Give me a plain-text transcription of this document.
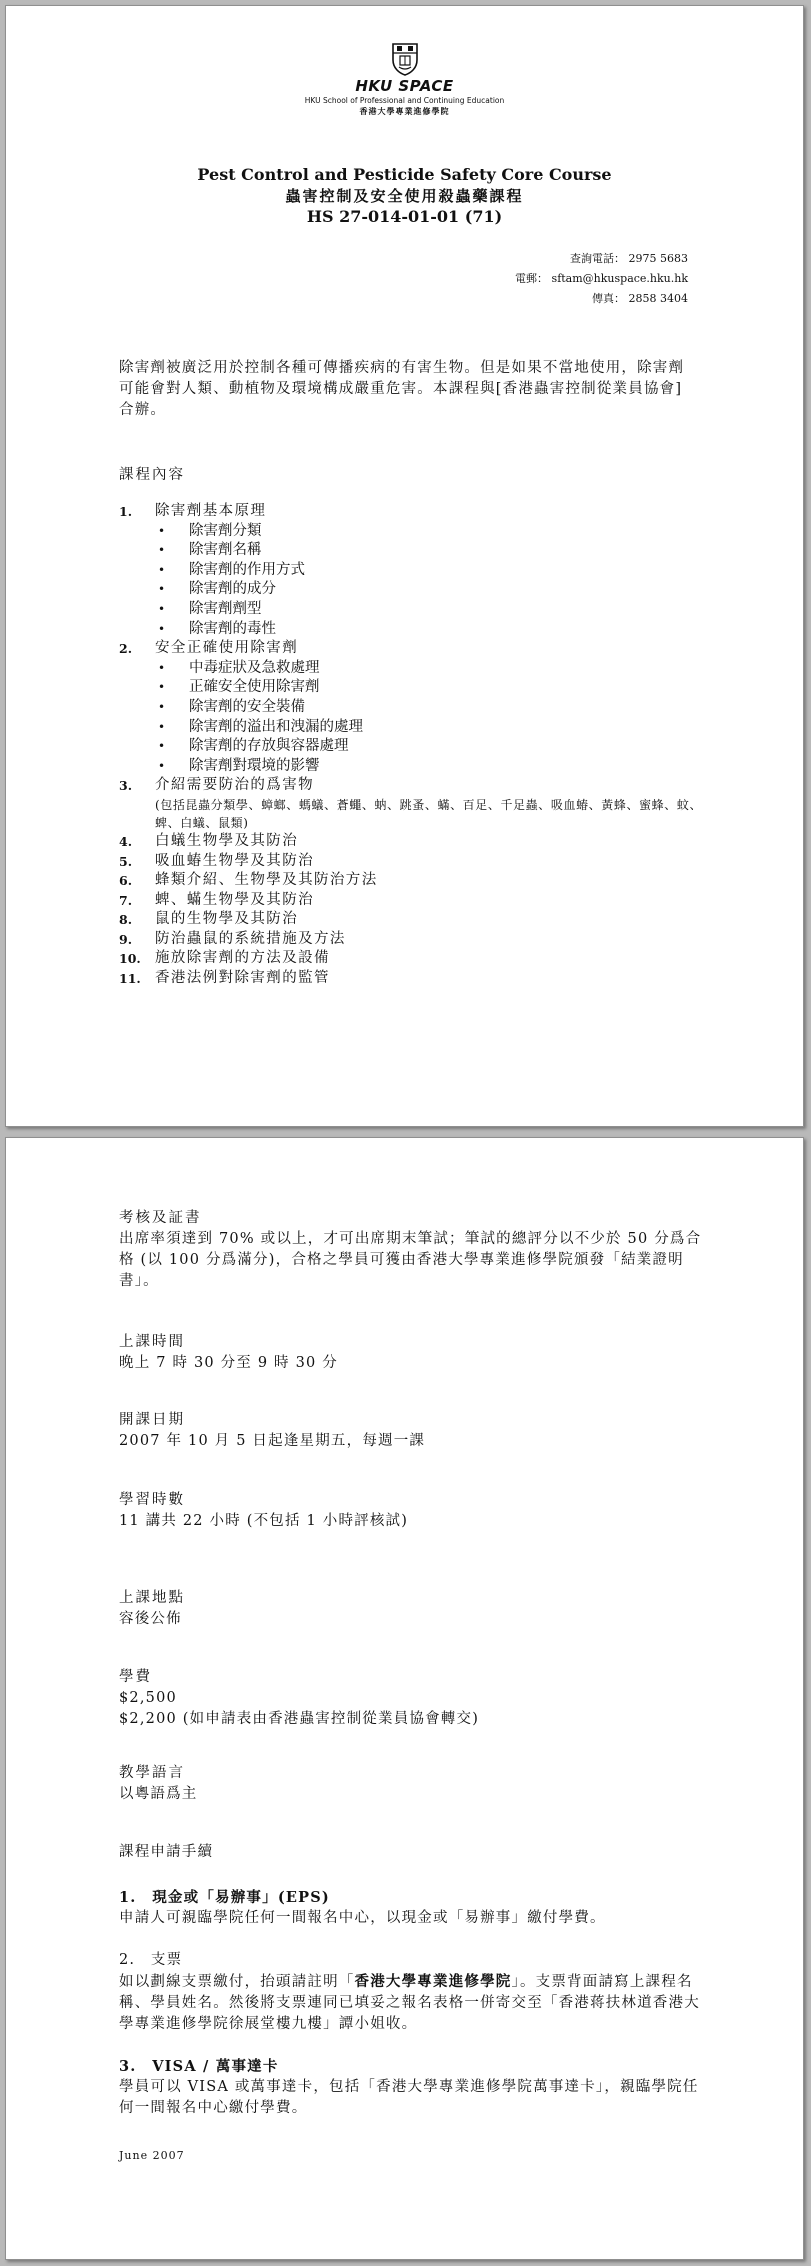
HKU SPACE
HKU School of Professional and Continuing Education
香港大學專業進修學院
Pest Control and Pesticide Safety Core Course
蟲害控制及安全使用殺蟲藥課程
HS 27-014-01-01 (71)
查詢電話： 2975 5683
電郵： sftam@hkuspace.hku.hk
傳真： 2858 3404
除害劑被廣泛用於控制各種可傳播疾病的有害生物。但是如果不當地使用，除害劑可能會對人類、動植物及環境構成嚴重危害。本課程與[香港蟲害控制從業員協會]合辦。
課程內容
1.	除害劑基本原理
•	除害劑分類
•	除害劑名稱
•	除害劑的作用方式
•	除害劑的成分
•	除害劑劑型
•	除害劑的毒性
2.	安全正確使用除害劑
•	中毒症狀及急救處理
•	正確安全使用除害劑
•	除害劑的安全裝備
•	除害劑的溢出和洩漏的處理
•	除害劑的存放與容器處理
•	除害劑對環境的影響
3.	介紹需要防治的爲害物
(包括昆蟲分類學、蟑螂、螞蟻、蒼蠅、蚋、跳蚤、蟎、百足、千足蟲、吸血蝽、黃蜂、蜜蜂、蚊、蜱、白蟻、鼠類)
4.	白蟻生物學及其防治
5.	吸血蝽生物學及其防治
6.	蜂類介紹、生物學及其防治方法
7.	蜱、蟎生物學及其防治
8.	鼠的生物學及其防治
9.	防治蟲鼠的系統措施及方法
10. 施放除害劑的方法及設備
11. 香港法例對除害劑的監管
考核及証書
出席率須達到 70% 或以上，才可出席期末筆試；筆試的總評分以不少於 50 分爲合格 (以 100 分爲滿分)，合格之學員可獲由香港大學專業進修學院頒發「結業證明書」。
上課時間
晚上 7 時 30 分至 9 時 30 分
開課日期
2007 年 10 月 5 日起逢星期五，每週一課
學習時數
11 講共 22 小時 (不包括 1 小時評核試)
上課地點
容後公佈
學費
$2,500
$2,200 (如申請表由香港蟲害控制從業員協會轉交)
教學語言
以粵語爲主
課程申請手續
1.　現金或「易辦事」(EPS)
申請人可親臨學院任何一間報名中心，以現金或「易辦事」繳付學費。
2.　支票
如以劃線支票繳付，抬頭請註明「香港大學專業進修學院」。支票背面請寫上課程名稱、學員姓名。然後將支票連同已填妥之報名表格一併寄交至「香港蒋扶林道香港大學專業進修學院徐展堂樓九樓」譚小姐收。
3.　VISA / 萬事達卡
學員可以 VISA 或萬事達卡，包括「香港大學專業進修學院萬事達卡」，親臨學院任何一間報名中心繳付學費。
June 2007
